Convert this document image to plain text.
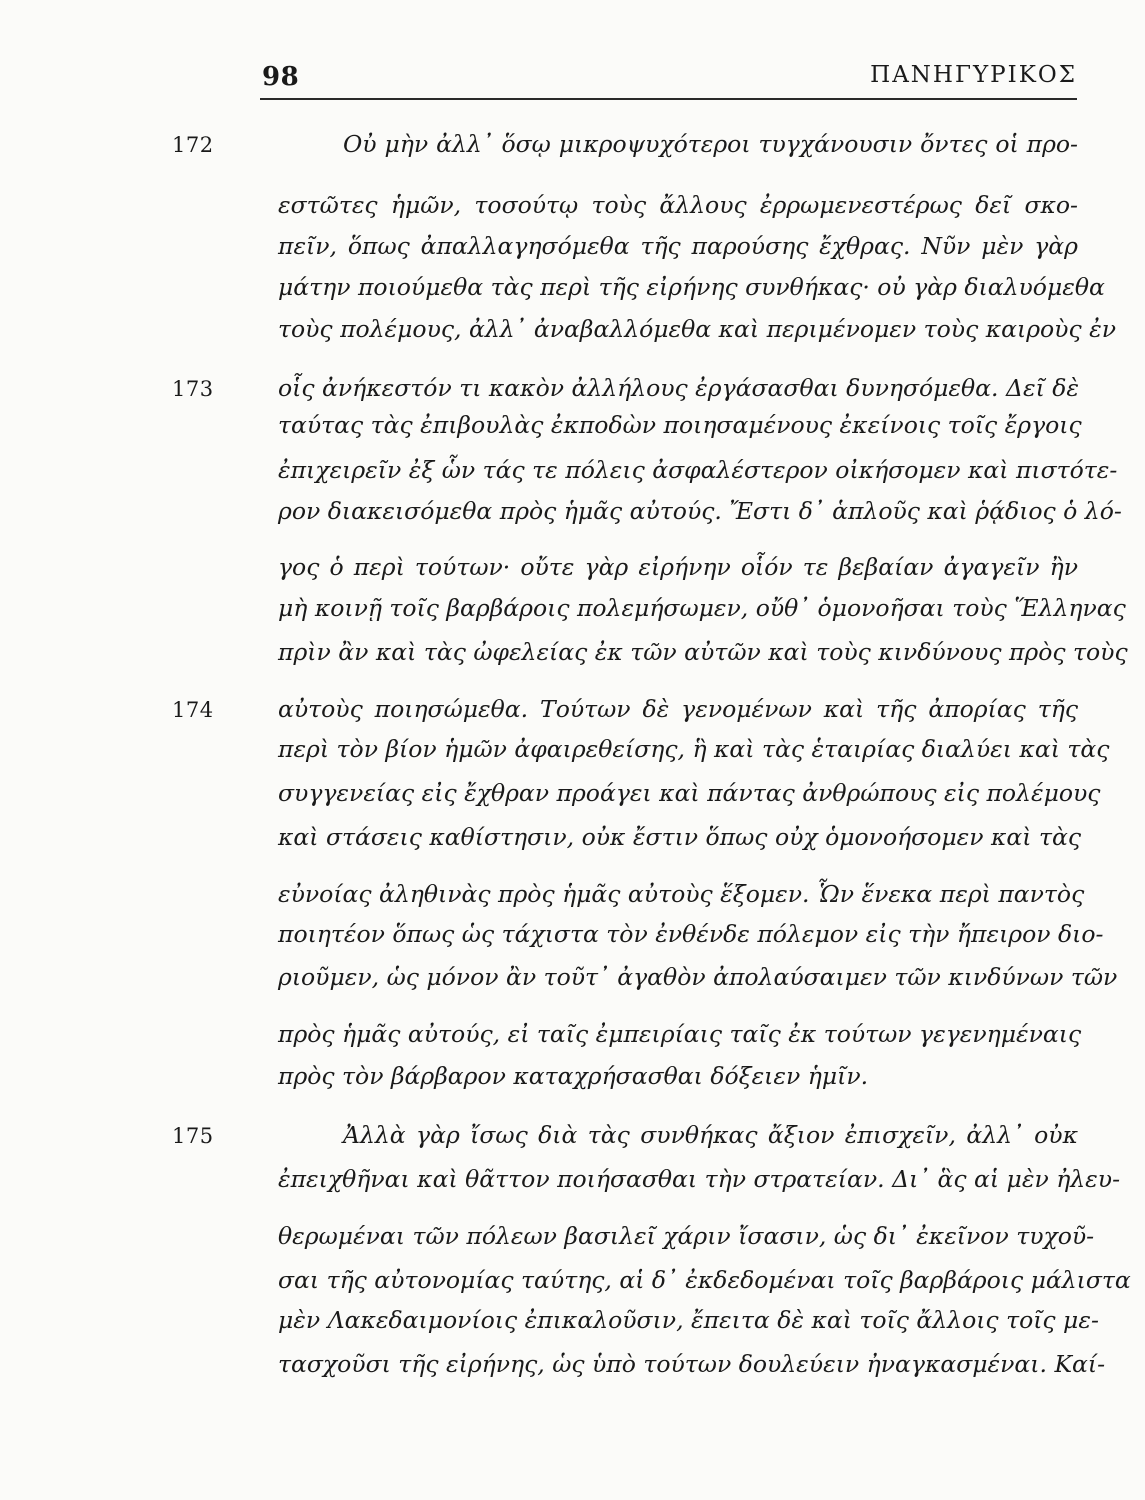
98	ΠΑΝΗΓΥΡΙΚΟΣ
172
173
174
175

Οὐ μὴν ἀλλ᾽ ὅσῳ μικροψυχότεροι τυγχάνουσιν ὄντες οἱ προ-

εστῶτες ἡμῶν, τοσούτῳ τοὺς ἄλλους ἐρρωμενεστέρως δεῖ σκο-

πεῖν, ὅπως ἀπαλλαγησόμεθα τῆς παρούσης ἔχθρας. Νῦν μὲν γὰρ

μάτην ποιούμεθα τὰς περὶ τῆς εἰρήνης συνθήκας· οὐ γὰρ διαλυόμεθα

τοὺς πολέμους, ἀλλ᾽ ἀναβαλλόμεθα καὶ περιμένομεν τοὺς καιροὺς ἐν

οἷς ἀνήκεστόν τι κακὸν ἀλλήλους ἐργάσασθαι δυνησόμεθα. Δεῖ δὲ

ταύτας τὰς ἐπιβουλὰς ἐκποδὼν ποιησαμένους ἐκείνοις τοῖς ἔργοις

ἐπιχειρεῖν ἐξ ὧν τάς τε πόλεις ἀσφαλέστερον οἰκήσομεν καὶ πιστότε-

ρον διακεισόμεθα πρὸς ἡμᾶς αὐτούς. Ἔστι δ᾽ ἁπλοῦς καὶ ῥᾴδιος ὁ λό-

γος ὁ περὶ τούτων· οὔτε γὰρ εἰρήνην οἷόν τε βεβαίαν ἀγαγεῖν ἢν

μὴ κοινῇ τοῖς βαρβάροις πολεμήσωμεν, οὔθ᾽ ὁμονοῆσαι τοὺς Ἕλληνας

πρὶν ἂν καὶ τὰς ὠφελείας ἐκ τῶν αὐτῶν καὶ τοὺς κινδύνους πρὸς τοὺς

αὐτοὺς ποιησώμεθα. Τούτων δὲ γενομένων καὶ τῆς ἀπορίας τῆς

περὶ τὸν βίον ἡμῶν ἀφαιρεθείσης, ἣ καὶ τὰς ἑταιρίας διαλύει καὶ τὰς

συγγενείας εἰς ἔχθραν προάγει καὶ πάντας ἀνθρώπους εἰς πολέμους

καὶ στάσεις καθίστησιν, οὐκ ἔστιν ὅπως οὐχ ὁμονοήσομεν καὶ τὰς

εὐνοίας ἀληθινὰς πρὸς ἡμᾶς αὐτοὺς ἕξομεν. Ὧν ἕνεκα περὶ παντὸς

ποιητέον ὅπως ὡς τάχιστα τὸν ἐνθένδε πόλεμον εἰς τὴν ἤπειρον διο-

ριοῦμεν, ὡς μόνον ἂν τοῦτ᾽ ἀγαθὸν ἀπολαύσαιμεν τῶν κινδύνων τῶν

πρὸς ἡμᾶς αὐτούς, εἰ ταῖς ἐμπειρίαις ταῖς ἐκ τούτων γεγενημέναις

πρὸς τὸν βάρβαρον καταχρήσασθαι δόξειεν ἡμῖν.

Ἀλλὰ γὰρ ἴσως διὰ τὰς συνθήκας ἄξιον ἐπισχεῖν, ἀλλ᾽ οὐκ

ἐπειχθῆναι καὶ θᾶττον ποιήσασθαι τὴν στρατείαν. Δι᾽ ἃς αἱ μὲν ἠλευ-

θερωμέναι τῶν πόλεων βασιλεῖ χάριν ἴσασιν, ὡς δι᾽ ἐκεῖνον τυχοῦ-

σαι τῆς αὐτονομίας ταύτης, αἱ δ᾽ ἐκδεδομέναι τοῖς βαρβάροις μάλιστα

μὲν Λακεδαιμονίοις ἐπικαλοῦσιν, ἔπειτα δὲ καὶ τοῖς ἄλλοις τοῖς με-

τασχοῦσι τῆς εἰρήνης, ὡς ὑπὸ τούτων δουλεύειν ἠναγκασμέναι. Καί-
